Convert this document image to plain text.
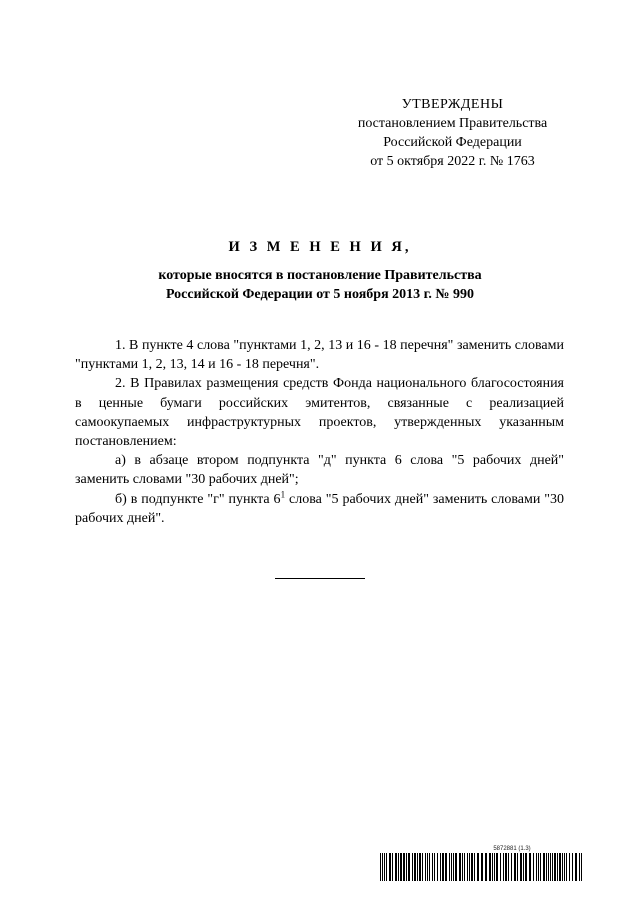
УТВЕРЖДЕНЫ
постановлением Правительства
Российской Федерации
от 5 октября 2022 г. № 1763
И З М Е Н Е Н И Я,
которые вносятся в постановление Правительства
Российской Федерации от 5 ноября 2013 г. № 990

1. В пункте 4 слова "пунктами 1, 2, 13 и 16 - 18 перечня" заменить словами "пунктами 1, 2, 13, 14 и 16 - 18 перечня".

2. В Правилах размещения средств Фонда национального благосостояния в ценные бумаги российских эмитентов, связанные с реализацией самоокупаемых инфраструктурных проектов, утвержденных указанным постановлением:

а) в абзаце втором подпункта "д" пункта 6 слова "5 рабочих дней" заменить словами "30 рабочих дней";

б) в подпункте "г" пункта $6^1$ слова "5 рабочих дней" заменить словами "30 рабочих дней".

5872881 (1.3)
